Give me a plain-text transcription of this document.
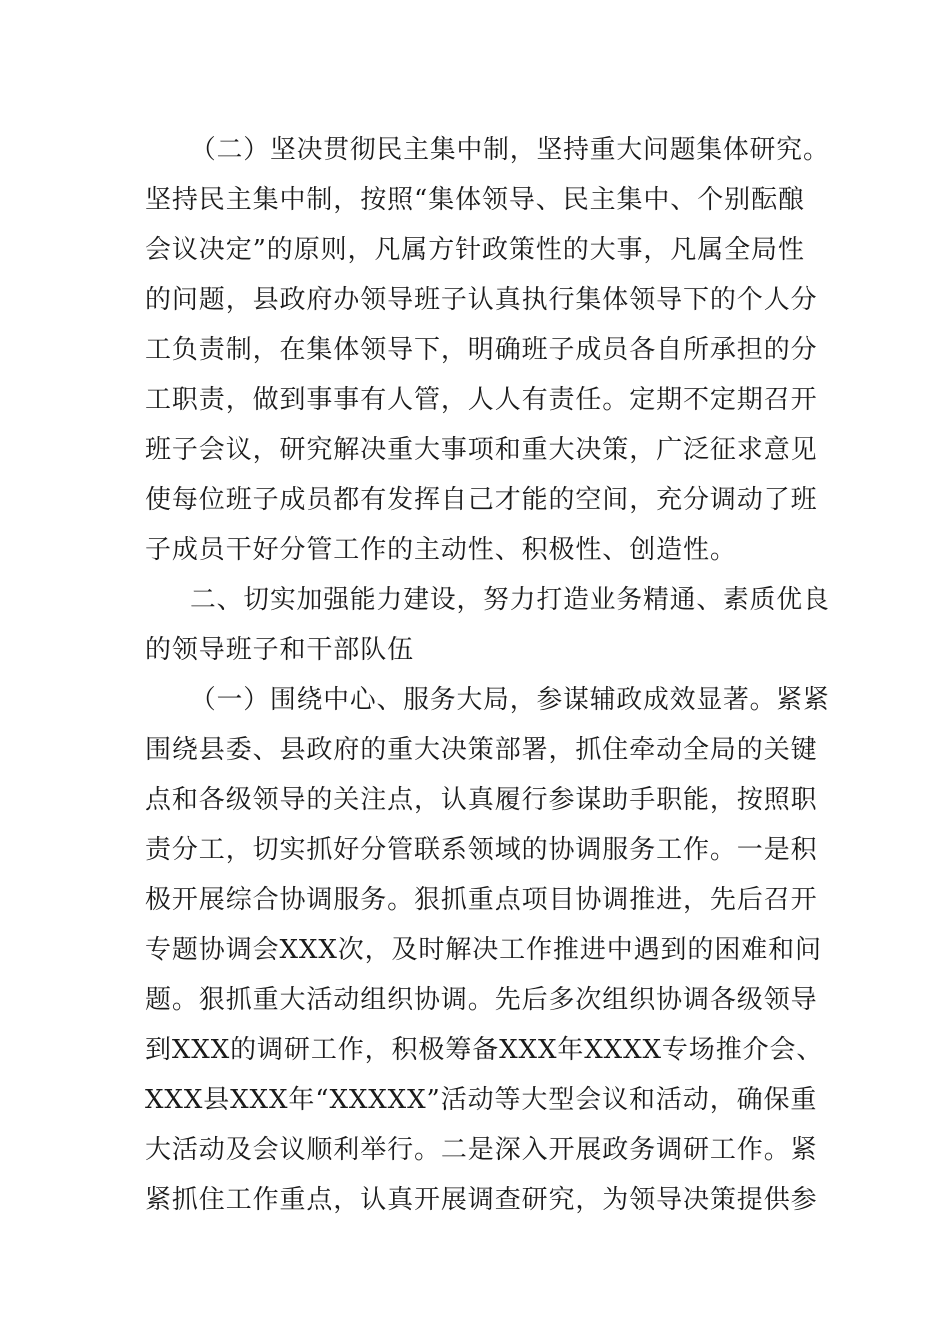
（二）坚决贯彻民主集中制，坚持重大问题集体研究。
坚持民主集中制，按照“集体领导、民主集中、个别酝酿
会议决定”的原则，凡属方针政策性的大事，凡属全局性
的问题，县政府办领导班子认真执行集体领导下的个人分
工负责制，在集体领导下，明确班子成员各自所承担的分
工职责，做到事事有人管，人人有责任。定期不定期召开
班子会议，研究解决重大事项和重大决策，广泛征求意见
使每位班子成员都有发挥自己才能的空间，充分调动了班
子成员干好分管工作的主动性、积极性、创造性。
二、切实加强能力建设，努力打造业务精通、素质优良
的领导班子和干部队伍
（一）围绕中心、服务大局，参谋辅政成效显著。紧紧
围绕县委、县政府的重大决策部署，抓住牵动全局的关键
点和各级领导的关注点，认真履行参谋助手职能，按照职
责分工，切实抓好分管联系领域的协调服务工作。一是积
极开展综合协调服务。狠抓重点项目协调推进，先后召开
专题协调会XXX次，及时解决工作推进中遇到的困难和问
题。狠抓重大活动组织协调。先后多次组织协调各级领导
到XXX的调研工作，积极筹备XXX年XXXX专场推介会、
XXX县XXX年“XXXXX”活动等大型会议和活动，确保重
大活动及会议顺利举行。二是深入开展政务调研工作。紧
紧抓住工作重点，认真开展调查研究，为领导决策提供参
